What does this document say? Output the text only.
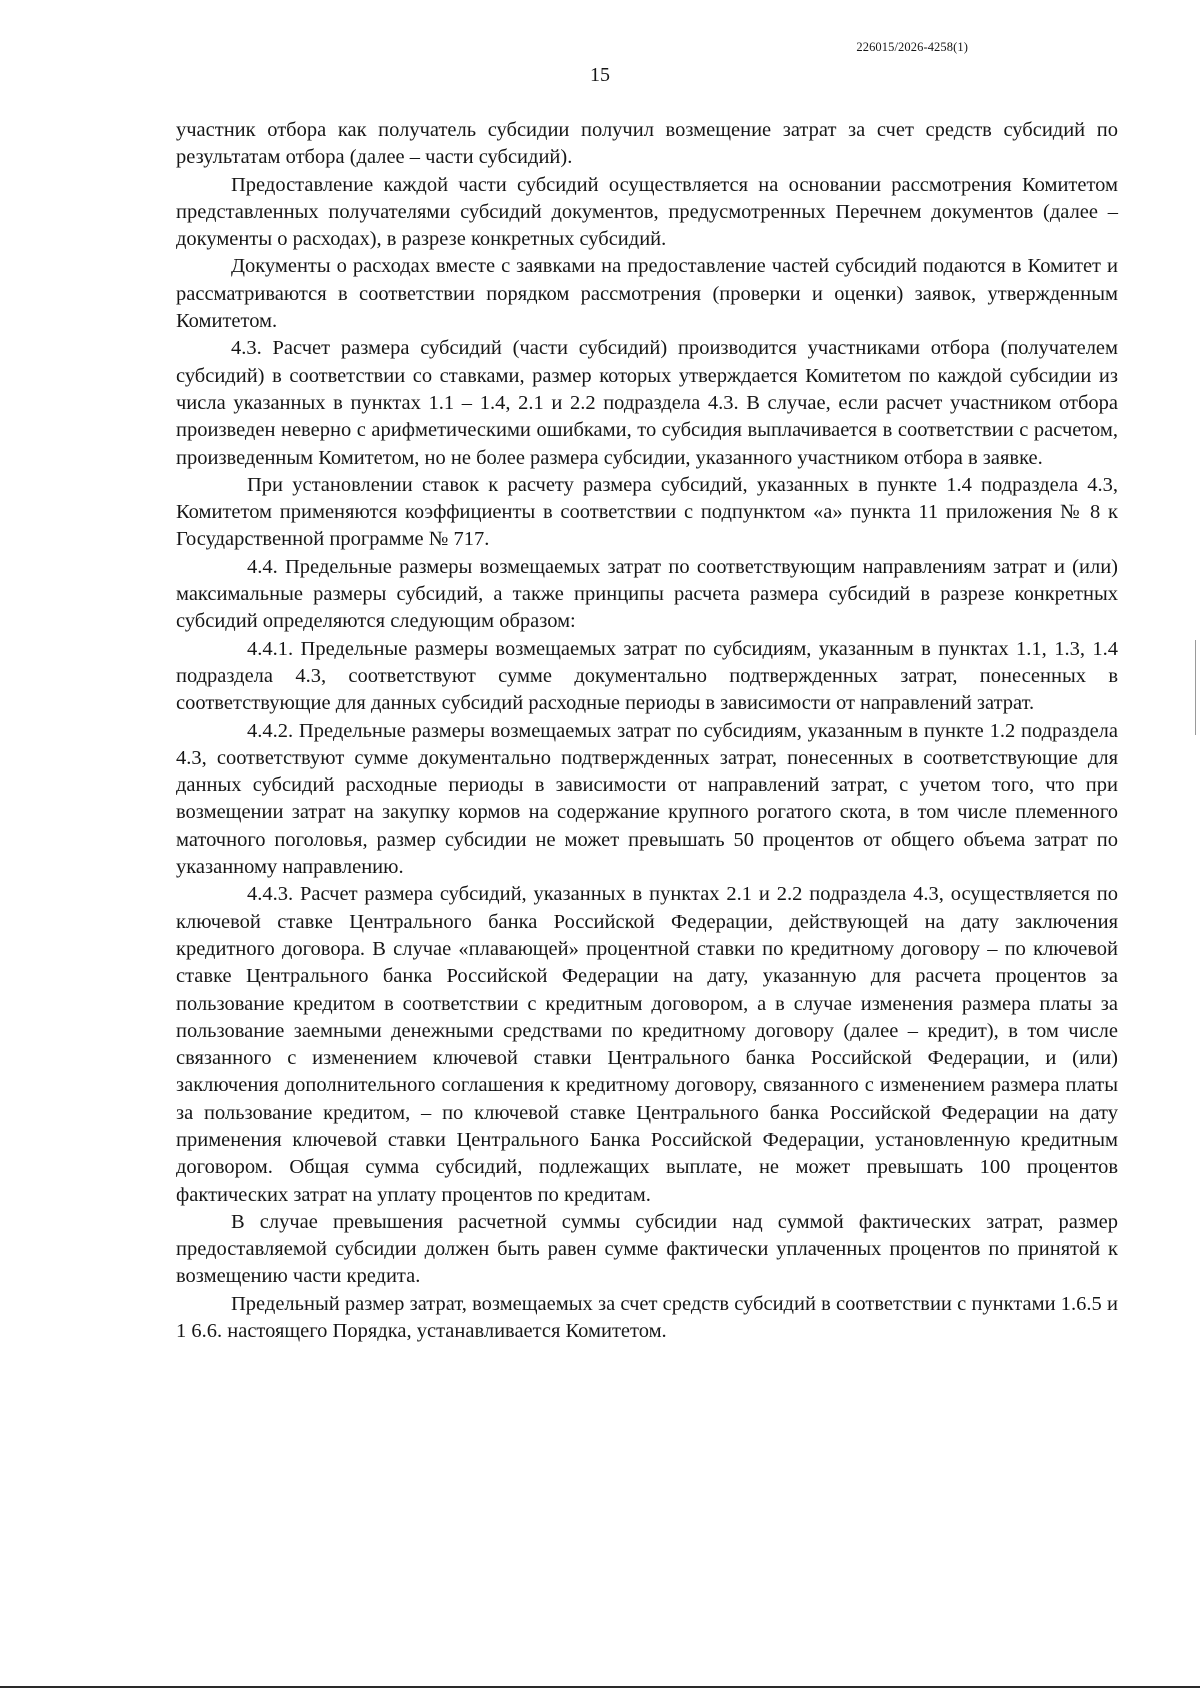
226015/2026-4258(1)
15

участник отбора как получатель субсидии получил возмещение затрат за счет средств субсидий по результатам отбора (далее – части субсидий).

Предоставление каждой части субсидий осуществляется на основании рассмотрения Комитетом представленных получателями субсидий документов, предусмотренных Перечнем документов (далее – документы о расходах), в разрезе конкретных субсидий.

Документы о расходах вместе с заявками на предоставление частей субсидий подаются в Комитет и рассматриваются в соответствии порядком рассмотрения (проверки и оценки) заявок, утвержденным Комитетом.

4.3. Расчет размера субсидий (части субсидий) производится участниками отбора (получателем субсидий) в соответствии со ставками, размер которых утверждается Комитетом по каждой субсидии из числа указанных в пунктах 1.1 – 1.4, 2.1 и 2.2 подраздела 4.3. В случае, если расчет участником отбора произведен неверно с арифметическими ошибками, то субсидия выплачивается в соответствии с расчетом, произведенным Комитетом, но не более размера субсидии, указанного участником отбора в заявке.

При установлении ставок к расчету размера субсидий, указанных в пункте 1.4 подраздела 4.3, Комитетом применяются коэффициенты в соответствии с подпунктом «а» пункта 11 приложения № 8 к Государственной программе № 717.

4.4. Предельные размеры возмещаемых затрат по соответствующим направлениям затрат и (или) максимальные размеры субсидий, а также принципы расчета размера субсидий в разрезе конкретных субсидий определяются следующим образом:

4.4.1. Предельные размеры возмещаемых затрат по субсидиям, указанным в пунктах 1.1, 1.3, 1.4 подраздела 4.3, соответствуют сумме документально подтвержденных затрат, понесенных в соответствующие для данных субсидий расходные периоды в зависимости от направлений затрат.

4.4.2. Предельные размеры возмещаемых затрат по субсидиям, указанным в пункте 1.2 подраздела 4.3, соответствуют сумме документально подтвержденных затрат, понесенных в соответствующие для данных субсидий расходные периоды в зависимости от направлений затрат, с учетом того, что при возмещении затрат на закупку кормов на содержание крупного рогатого скота, в том числе племенного маточного поголовья, размер субсидии не может превышать 50 процентов от общего объема затрат по указанному направлению.

4.4.3. Расчет размера субсидий, указанных в пунктах 2.1 и 2.2 подраздела 4.3, осуществляется по ключевой ставке Центрального банка Российской Федерации, действующей на дату заключения кредитного договора. В случае «плавающей» процентной ставки по кредитному договору – по ключевой ставке Центрального банка Российской Федерации на дату, указанную для расчета процентов за пользование кредитом в соответствии с кредитным договором, а в случае изменения размера платы за пользование заемными денежными средствами по кредитному договору (далее – кредит), в том числе связанного с изменением ключевой ставки Центрального банка Российской Федерации, и (или) заключения дополнительного соглашения к кредитному договору, связанного с изменением размера платы за пользование кредитом, – по ключевой ставке Центрального банка Российской Федерации на дату применения ключевой ставки Центрального Банка Российской Федерации, установленную кредитным договором. Общая сумма субсидий, подлежащих выплате, не может превышать 100 процентов фактических затрат на уплату процентов по кредитам.

В случае превышения расчетной суммы субсидии над суммой фактических затрат, размер предоставляемой субсидии должен быть равен сумме фактически уплаченных процентов по принятой к возмещению части кредита.

Предельный размер затрат, возмещаемых за счет средств субсидий в соответствии с пунктами 1.6.5 и 1 6.6. настоящего Порядка, устанавливается Комитетом.
